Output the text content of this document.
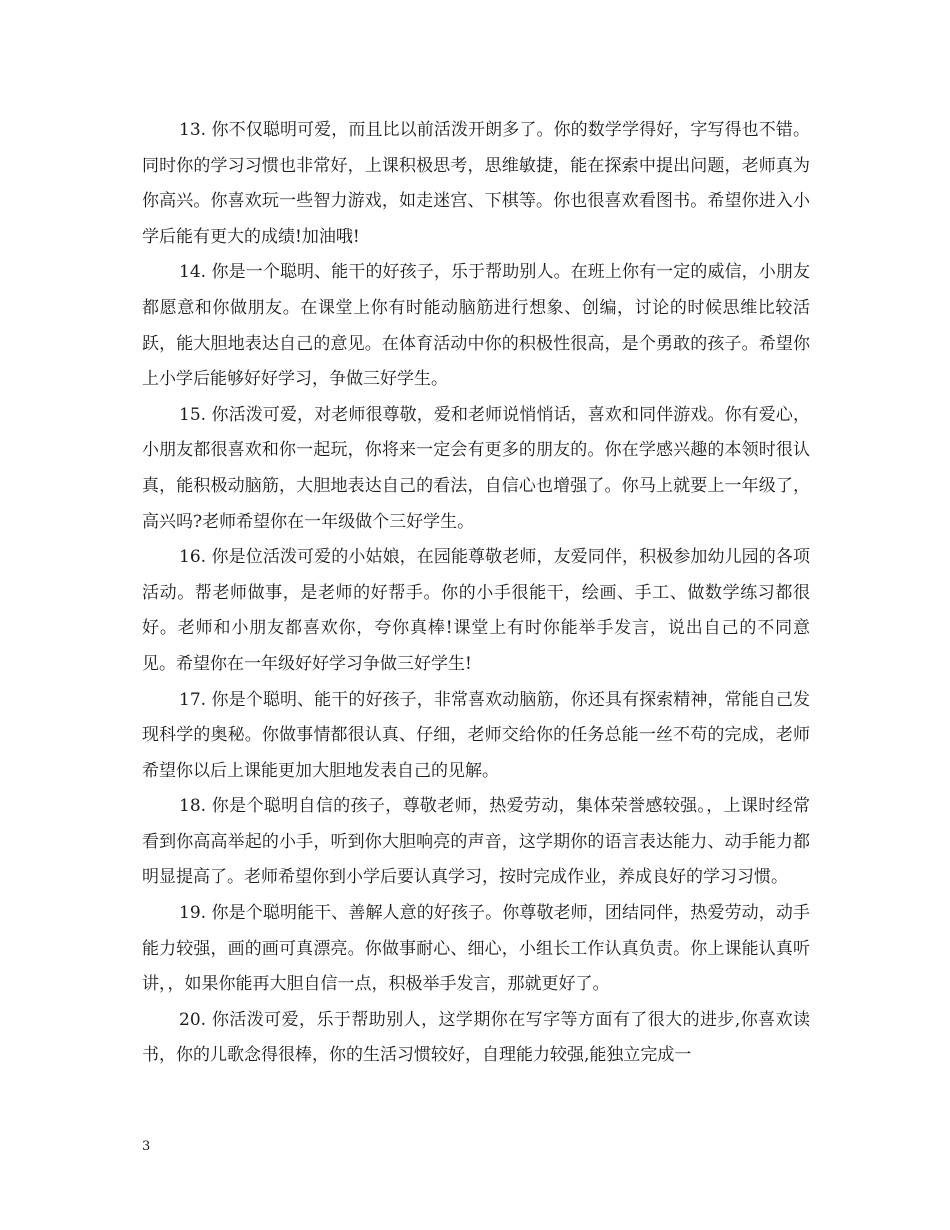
13. 你不仅聪明可爱，而且比以前活泼开朗多了。你的数学学得好，字写得也不错。同时你的学习习惯也非常好，上课积极思考，思维敏捷，能在探索中提出问题，老师真为你高兴。你喜欢玩一些智力游戏，如走迷宫、下棋等。你也很喜欢看图书。希望你进入小学后能有更大的成绩!加油哦!

14. 你是一个聪明、能干的好孩子，乐于帮助别人。在班上你有一定的威信，小朋友都愿意和你做朋友。在课堂上你有时能动脑筋进行想象、创编，讨论的时候思维比较活跃，能大胆地表达自己的意见。在体育活动中你的积极性很高，是个勇敢的孩子。希望你上小学后能够好好学习，争做三好学生。

15. 你活泼可爱，对老师很尊敬，爱和老师说悄悄话，喜欢和同伴游戏。你有爱心，小朋友都很喜欢和你一起玩，你将来一定会有更多的朋友的。你在学感兴趣的本领时很认真，能积极动脑筋，大胆地表达自己的看法，自信心也增强了。你马上就要上一年级了，高兴吗?老师希望你在一年级做个三好学生。

16. 你是位活泼可爱的小姑娘，在园能尊敬老师，友爱同伴，积极参加幼儿园的各项活动。帮老师做事，是老师的好帮手。你的小手很能干，绘画、手工、做数学练习都很好。老师和小朋友都喜欢你，夸你真棒!课堂上有时你能举手发言，说出自己的不同意见。希望你在一年级好好学习争做三好学生!

17. 你是个聪明、能干的好孩子，非常喜欢动脑筋，你还具有探索精神，常能自己发现科学的奥秘。你做事情都很认真、仔细，老师交给你的任务总能一丝不苟的完成，老师希望你以后上课能更加大胆地发表自己的见解。

18. 你是个聪明自信的孩子，尊敬老师，热爱劳动，集体荣誉感较强。，上课时经常看到你高高举起的小手，听到你大胆响亮的声音，这学期你的语言表达能力、动手能力都明显提高了。老师希望你到小学后要认真学习，按时完成作业，养成良好的学习习惯。

19. 你是个聪明能干、善解人意的好孩子。你尊敬老师，团结同伴，热爱劳动，动手能力较强，画的画可真漂亮。你做事耐心、细心，小组长工作认真负责。你上课能认真听讲，，如果你能再大胆自信一点，积极举手发言，那就更好了。

20. 你活泼可爱，乐于帮助别人，这学期你在写字等方面有了很大的进步,你喜欢读书，你的儿歌念得很棒，你的生活习惯较好，自理能力较强,能独立完成一

3
